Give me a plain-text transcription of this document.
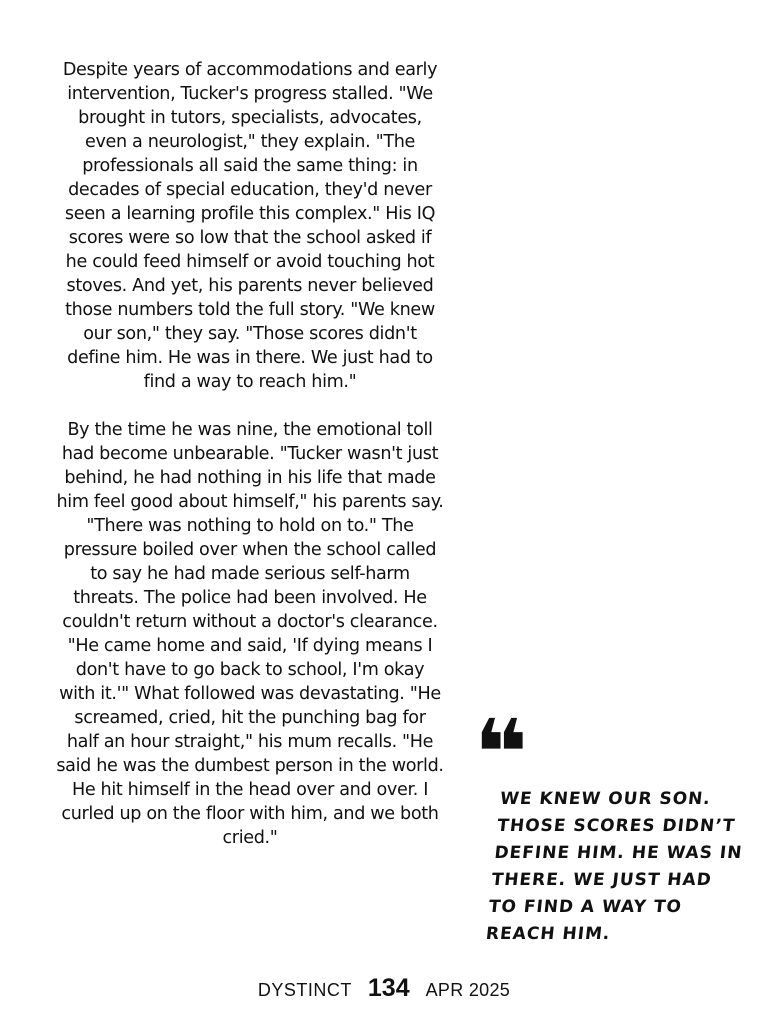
Despite years of accommodations and early intervention, Tucker's progress stalled. "We brought in tutors, specialists, advocates, even a neurologist," they explain. "The professionals all said the same thing: in decades of special education, they'd never seen a learning profile this complex." His IQ scores were so low that the school asked if he could feed himself or avoid touching hot stoves. And yet, his parents never believed those numbers told the full story. "We knew our son," they say. "Those scores didn't define him. He was in there. We just had to find a way to reach him."

By the time he was nine, the emotional toll had become unbearable. "Tucker wasn't just behind, he had nothing in his life that made him feel good about himself," his parents say. "There was nothing to hold on to." The pressure boiled over when the school called to say he had made serious self-harm threats. The police had been involved. He couldn't return without a doctor's clearance. "He came home and said, 'If dying means I don't have to go back to school, I'm okay with it.'" What followed was devastating. "He screamed, cried, hit the punching bag for half an hour straight," his mum recalls. "He said he was the dumbest person in the world. He hit himself in the head over and over. I curled up on the floor with him, and we both cried."

❝
WE KNEW OUR SON. THOSE SCORES DIDN’T DEFINE HIM. HE WAS IN THERE. WE JUST HAD TO FIND A WAY TO REACH HIM.
DYSTINCT 134 APR 2025
